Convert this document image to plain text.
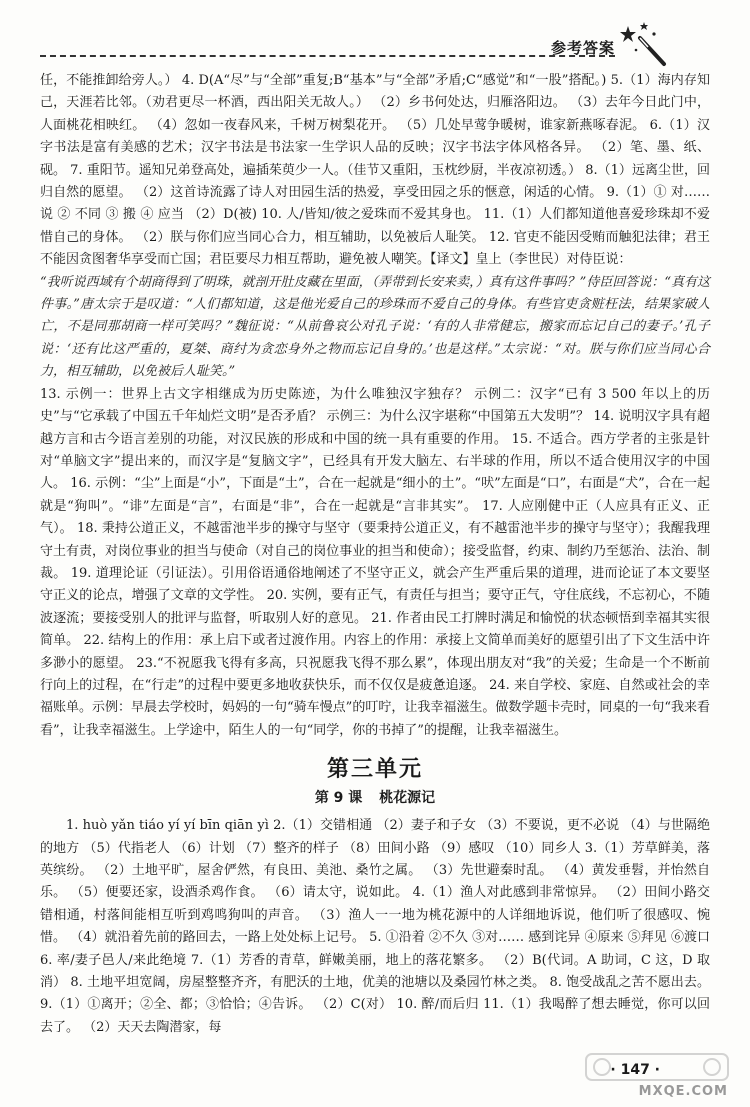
参考答案

任，不能推卸给旁人。） 4. D(A“尽”与“全部”重复;B“基本”与“全部”矛盾;C“感觉”和“一股”搭配。) 5.（1）海内存知己，天涯若比邻。（劝君更尽一杯酒，西出阳关无故人。） （2）乡书何处达，归雁洛阳边。 （3）去年今日此门中，人面桃花相映红。 （4）忽如一夜春风来，千树万树梨花开。 （5）几处早莺争暖树，谁家新燕啄春泥。 6.（1）汉字书法是富有美感的艺术；汉字书法是书法家一生学识人品的反映；汉字书法字体风格各异。 （2）笔、墨、纸、砚。 7. 重阳节。遥知兄弟登高处，遍插茱萸少一人。（佳节又重阳，玉枕纱厨，半夜凉初透。） 8.（1）远离尘世，回归自然的愿望。 （2）这首诗流露了诗人对田园生活的热爱，享受田园之乐的惬意，闲适的心情。 9.（1）① 对……说 ② 不同 ③ 搬 ④ 应当 （2）D(被) 10. 人/皆知/彼之爱珠而不爱其身也。 11.（1）人们都知道他喜爱珍珠却不爱惜自己的身体。 （2）朕与你们应当同心合力，相互辅助，以免被后人耻笑。 12. 官吏不能因受贿而触犯法律；君王不能因贪图奢华享受而亡国；君臣要尽力相互帮助，避免被人嘲笑。【译文】皇上（李世民）对侍臣说：

“我听说西域有个胡商得到了明珠，就剖开肚皮藏在里面，（弄带到长安来卖，）真有这件事吗？”侍臣回答说：“真有这件事。”唐太宗于是叹道：“人们都知道，这是他光爱自己的珍珠而不爱自己的身体。有些官吏贪赃枉法，结果家破人亡，不是同那胡商一样可笑吗？”魏征说：“从前鲁哀公对孔子说：‘有的人非常健忘，搬家而忘记自己的妻子。’孔子说：‘还有比这严重的，夏桀、商纣为贪恋身外之物而忘记自身的。’也是这样。”太宗说：“对。朕与你们应当同心合力，相互辅助，以免被后人耻笑。”

13. 示例一：世界上古文字相继成为历史陈迹，为什么唯独汉字独存？ 示例二：汉字“已有 3 500 年以上的历史”与“它承载了中国五千年灿烂文明”是否矛盾？ 示例三：为什么汉字堪称“中国第五大发明”？ 14. 说明汉字具有超越方言和古今语言差别的功能，对汉民族的形成和中国的统一具有重要的作用。 15. 不适合。西方学者的主张是针对“单脑文字”提出来的，而汉字是“复脑文字”，已经具有开发大脑左、右半球的作用，所以不适合使用汉字的中国人。 16. 示例：“尘”上面是“小”，下面是“土”，合在一起就是“细小的土”。“吠”左面是“口”，右面是“犬”，合在一起就是“狗叫”。“诽”左面是“言”，右面是“非”，合在一起就是“言非其实”。 17. 人应刚健中正（人应具有正义、正气）。 18. 秉持公道正义，不越雷池半步的操守与坚守（要秉持公道正义，有不越雷池半步的操守与坚守）；我醒我理守土有责，对岗位事业的担当与使命（对自己的岗位事业的担当和使命）；接受监督，约束、制约乃至惩治、法治、制裁。 19. 道理论证（引证法）。引用俗语通俗地阐述了不坚守正义，就会产生严重后果的道理，进而论证了本文要坚守正义的论点，增强了文章的文学性。 20. 实例，要有正气，有责任与担当；要守正气，守住底线，不忘初心，不随波逐流；要接受别人的批评与监督，听取别人好的意见。 21. 作者由民工打牌时满足和愉悦的状态顿悟到幸福其实很简单。 22. 结构上的作用：承上启下或者过渡作用。内容上的作用：承接上文简单而美好的愿望引出了下文生活中许多渺小的愿望。 23.“不祝愿我飞得有多高，只祝愿我飞得不那么累”，体现出朋友对“我”的关爱；生命是一个不断前行向上的过程，在“行走”的过程中要更多地收获快乐，而不仅仅是疲惫追逐。 24. 来自学校、家庭、自然或社会的幸福账单。示例：早晨去学校时，妈妈的一句“骑车慢点”的叮咛，让我幸福滋生。做数学题卡壳时，同桌的一句“我来看看”，让我幸福滋生。上学途中，陌生人的一句“同学，你的书掉了”的提醒，让我幸福滋生。

第三单元
第 9 课 桃花源记

1. huò yǎn tiáo yí yí bīn qiān yì 2.（1）交错相通 （2）妻子和子女 （3）不要说，更不必说 （4）与世隔绝的地方 （5）代指老人 （6）计划 （7）整齐的样子 （8）田间小路 （9）感叹 （10）同乡人 3.（1）芳草鲜美，落英缤纷。 （2）土地平旷，屋舍俨然，有良田、美池、桑竹之属。 （3）先世避秦时乱。 （4）黄发垂髫，并怡然自乐。 （5）便要还家，设酒杀鸡作食。 （6）请太守，说如此。 4.（1）渔人对此感到非常惊异。 （2）田间小路交错相通，村落间能相互听到鸡鸣狗叫的声音。 （3）渔人一一地为桃花源中的人详细地诉说，他们听了很感叹、惋惜。 （4）就沿着先前的路回去，一路上处处标上记号。 5. ①沿着 ②不久 ③对…… 感到诧异 ④原来 ⑤拜见 ⑥渡口 6. 率/妻子邑人/来此绝境 7.（1）芳香的青草，鲜嫩美丽，地上的落花繁多。 （2）B(代词。A 助词，C 这，D 取消） 8. 土地平坦宽阔，房屋整整齐齐，有肥沃的土地，优美的池塘以及桑园竹林之类。 8. 饱受战乱之苦不愿出去。 9.（1）①离开；②全、都；③恰恰；④告诉。 （2）C(对） 10. 醉/而后归 11.（1）我喝醉了想去睡觉，你可以回去了。 （2）天天去陶潜家，每

· 147 ·
MXQE.COM
